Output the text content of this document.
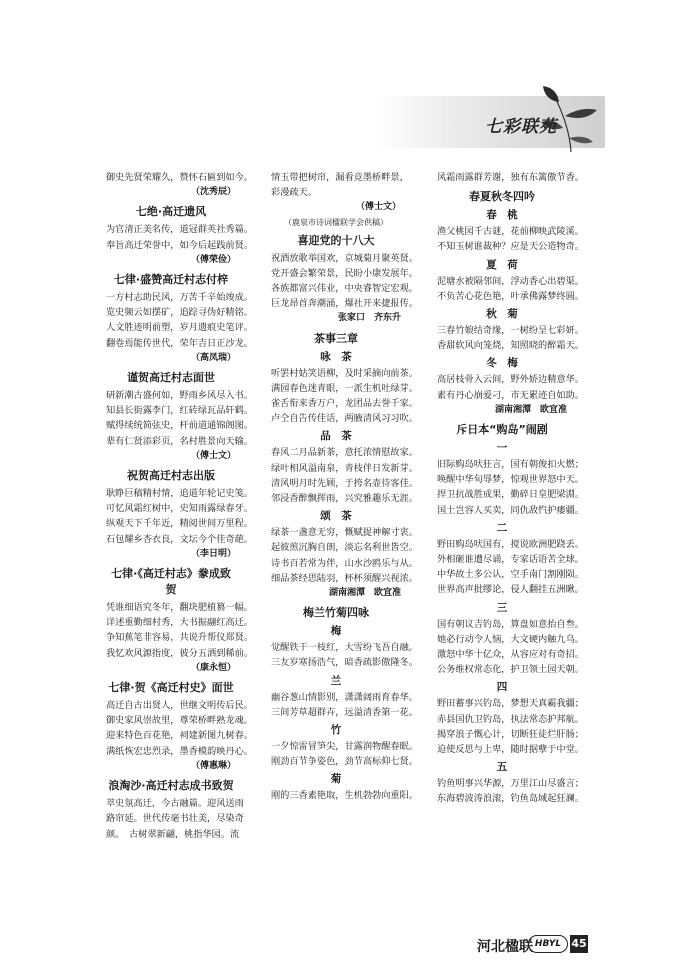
七彩联苑
御史先贤荣耀久，赞怀石匾到如今。
（沈秀辰）
七绝·高迁遗风
为官清正美名传，道冠群英社秀篇。
奉旨高迁荣誉中，如今后起践前贤。
（傅荣俭）
七律·盛赞高迁村志付梓
一方村志助民风，万苦千辛始竣成。
览史频云如摆矿，追踪寻伪好精铭。
人文胜迹明前塑，岁月遗痕史笔评。
翻卷焉能传世代，荣年吉日正沙龙。
（高凤瑞）
谨贺高迁村志面世
研新潮古盛何如，野雨乡风尽入书。
知县长街露李门，红砖绿瓦品轩鹤。
赋得续统简弦史，杆前道通锦阁图。
辈有仁贤添彩页，名村胜景向天输。
（傅士文）
祝贺高迁村志出版
耿睁巨稿精村情，追道年轮记史笺。
可忆风霜红树中，史知雨露绿春牙。
纵观天下千年近，精阅世间万里程。
石包耀乡杏衣良，文坛今个佳奇葩。
（李日明）
七律·《高迁村志》豢成致贺
凭谁细语究冬年，翻块肥植篡一幅。
详述重勤细村秀，大书振翮红高迁。
争知蕉笔非容易，共说升帮仪郑贤。
我忆欢风源指度，彼分五洒到稀前。
（康永恒）
七律·贺《高迁村史》面世
高迁自古出贤人，世继文明传后民。
御史家风崇故里，尊荣桥畔熟龙魂。
迎来特色百花艳，祠建新图九树春。
满纸恢宏忠烈录，墨香模韵映丹心。
（傅惠琳）
浪淘沙·高迁村志成书致贺
萃史氛高迁，今古融篇。迎风送雨
路帘延。世代传毫书壮美，尽染奇
颜。　古树翠新翩，桃指华园。流
情玉带把树帘，漏看竞墨桥畔景，
彩漫疏天。
（傅士文）
（鹿泉市诗词楹联学会供稿）
喜迎党的十八大
祝酒放歌举国欢，京城菊月聚英贤。
党开盛会繁荣景，民盼小康发展年。
各族都富兴伟业，中央睿智定宏观。
巨龙昂首奔潮涌，爆社开来捷报传。
张家口　齐东升
茶事三章
咏　茶
听罢村姑笑语柳，及时采摘向前茶。
满园春色迷青眼，一派生机吐绿芽。
雀舌衔来香万户，龙团品去誉千家。
卢仝自告传佳话，两腋清风习习吹。
品　茶
春风二月品新茶，意托浓情慰故家。
绿叶相风溢南泉，青枝伴日发新芽。
清风明月时先顾，于挎名壶待客佳。
邻浸香醉飘挥雨，兴究雅趣乐无涯。
颂　茶
绿茶一盏意无穷，慨赋捉神解寸衷。
起彼煎沉胸自朗，淡忘名利世皆空。
诗书百若常为伴，山水沙鸥乐与从。
细品茶经思陆羽，杯杯须醒兴视浓。
湖南湘潭　欧宜准
梅兰竹菊四咏
梅
觉醒铁干一枝红，大雪纷飞吾自融。
三友岁寒扬浩气，暗香疏影傲隆冬。
兰
幽谷葱山情影别，潇潇阔雨育春华。
三间芳草超群卉，远溢清香第一花。
竹
一夕惊雷冒笋尖，甘露润物醒春眠。
刚劲百节争姿色，劲节高标仰七贤。
菊
刚的三香素艳取，生机勃勃向重阳。
风霜雨露群芳谢，独有东篱傲节香。
春夏秋冬四吟
春　桃
渔父桃园千古谜，花前柳映武陵溪。
不知玉树谁裁种？应是天公造物奇。
夏　荷
泥塘水被隔邻间，浮动香心出碧渠。
不负苦心花色艳，叶承佛露梦终圆。
秋　菊
三春竹娘结奇缘，一树纷呈七彩妍。
香甜软风向笼烧，知照晓的醉霜天。
冬　梅
高居枝骨入云间，野外娇边精意华。
素有丹心崩爱刁，市无累迹自如助。
湖南湘潭　欧宜准
斥日本“购岛”闹剧
一
旧际购岛吠狂言，国有朝俊扣火燃；
唤醒中华旬辱梦，惊观世界怒中天。
捍卫抗战胜成果，勤碎日皇肥梁淵。
国土岂容人买卖，同仇敌忾护痿疆。
二
野田购岛吠国有，搅说欧洲肥跷丢。
外相砸谁遭尽诵，专家话语苦全球。
中华故土多公认，空手南门割刚陨。
世界高声批缪论，侵人翻挂五洲瞅。
三
国有朝议吉钓岛，算盘如意抬自叁。
她必行动令人恼，大文硬内触九乌。
激怒中华十亿众，从容应对有奇招。
公务维权常态化，护卫领土园天朝。
四
野田蓄事兴钓岛，梦想天真霸我疆；
赤县国仇卫钓岛，执法常态护邦航。
揭穿浪子慨心计，切断狂徒烂肝肠；
迫使反思与上卑，随时据孽于中堂。
五
钓鱼明事兴华源，万里江山尽盛言；
东海碧波涛浪滚，钓鱼岛域起狂澜。
河北楹联 HBYL 45
